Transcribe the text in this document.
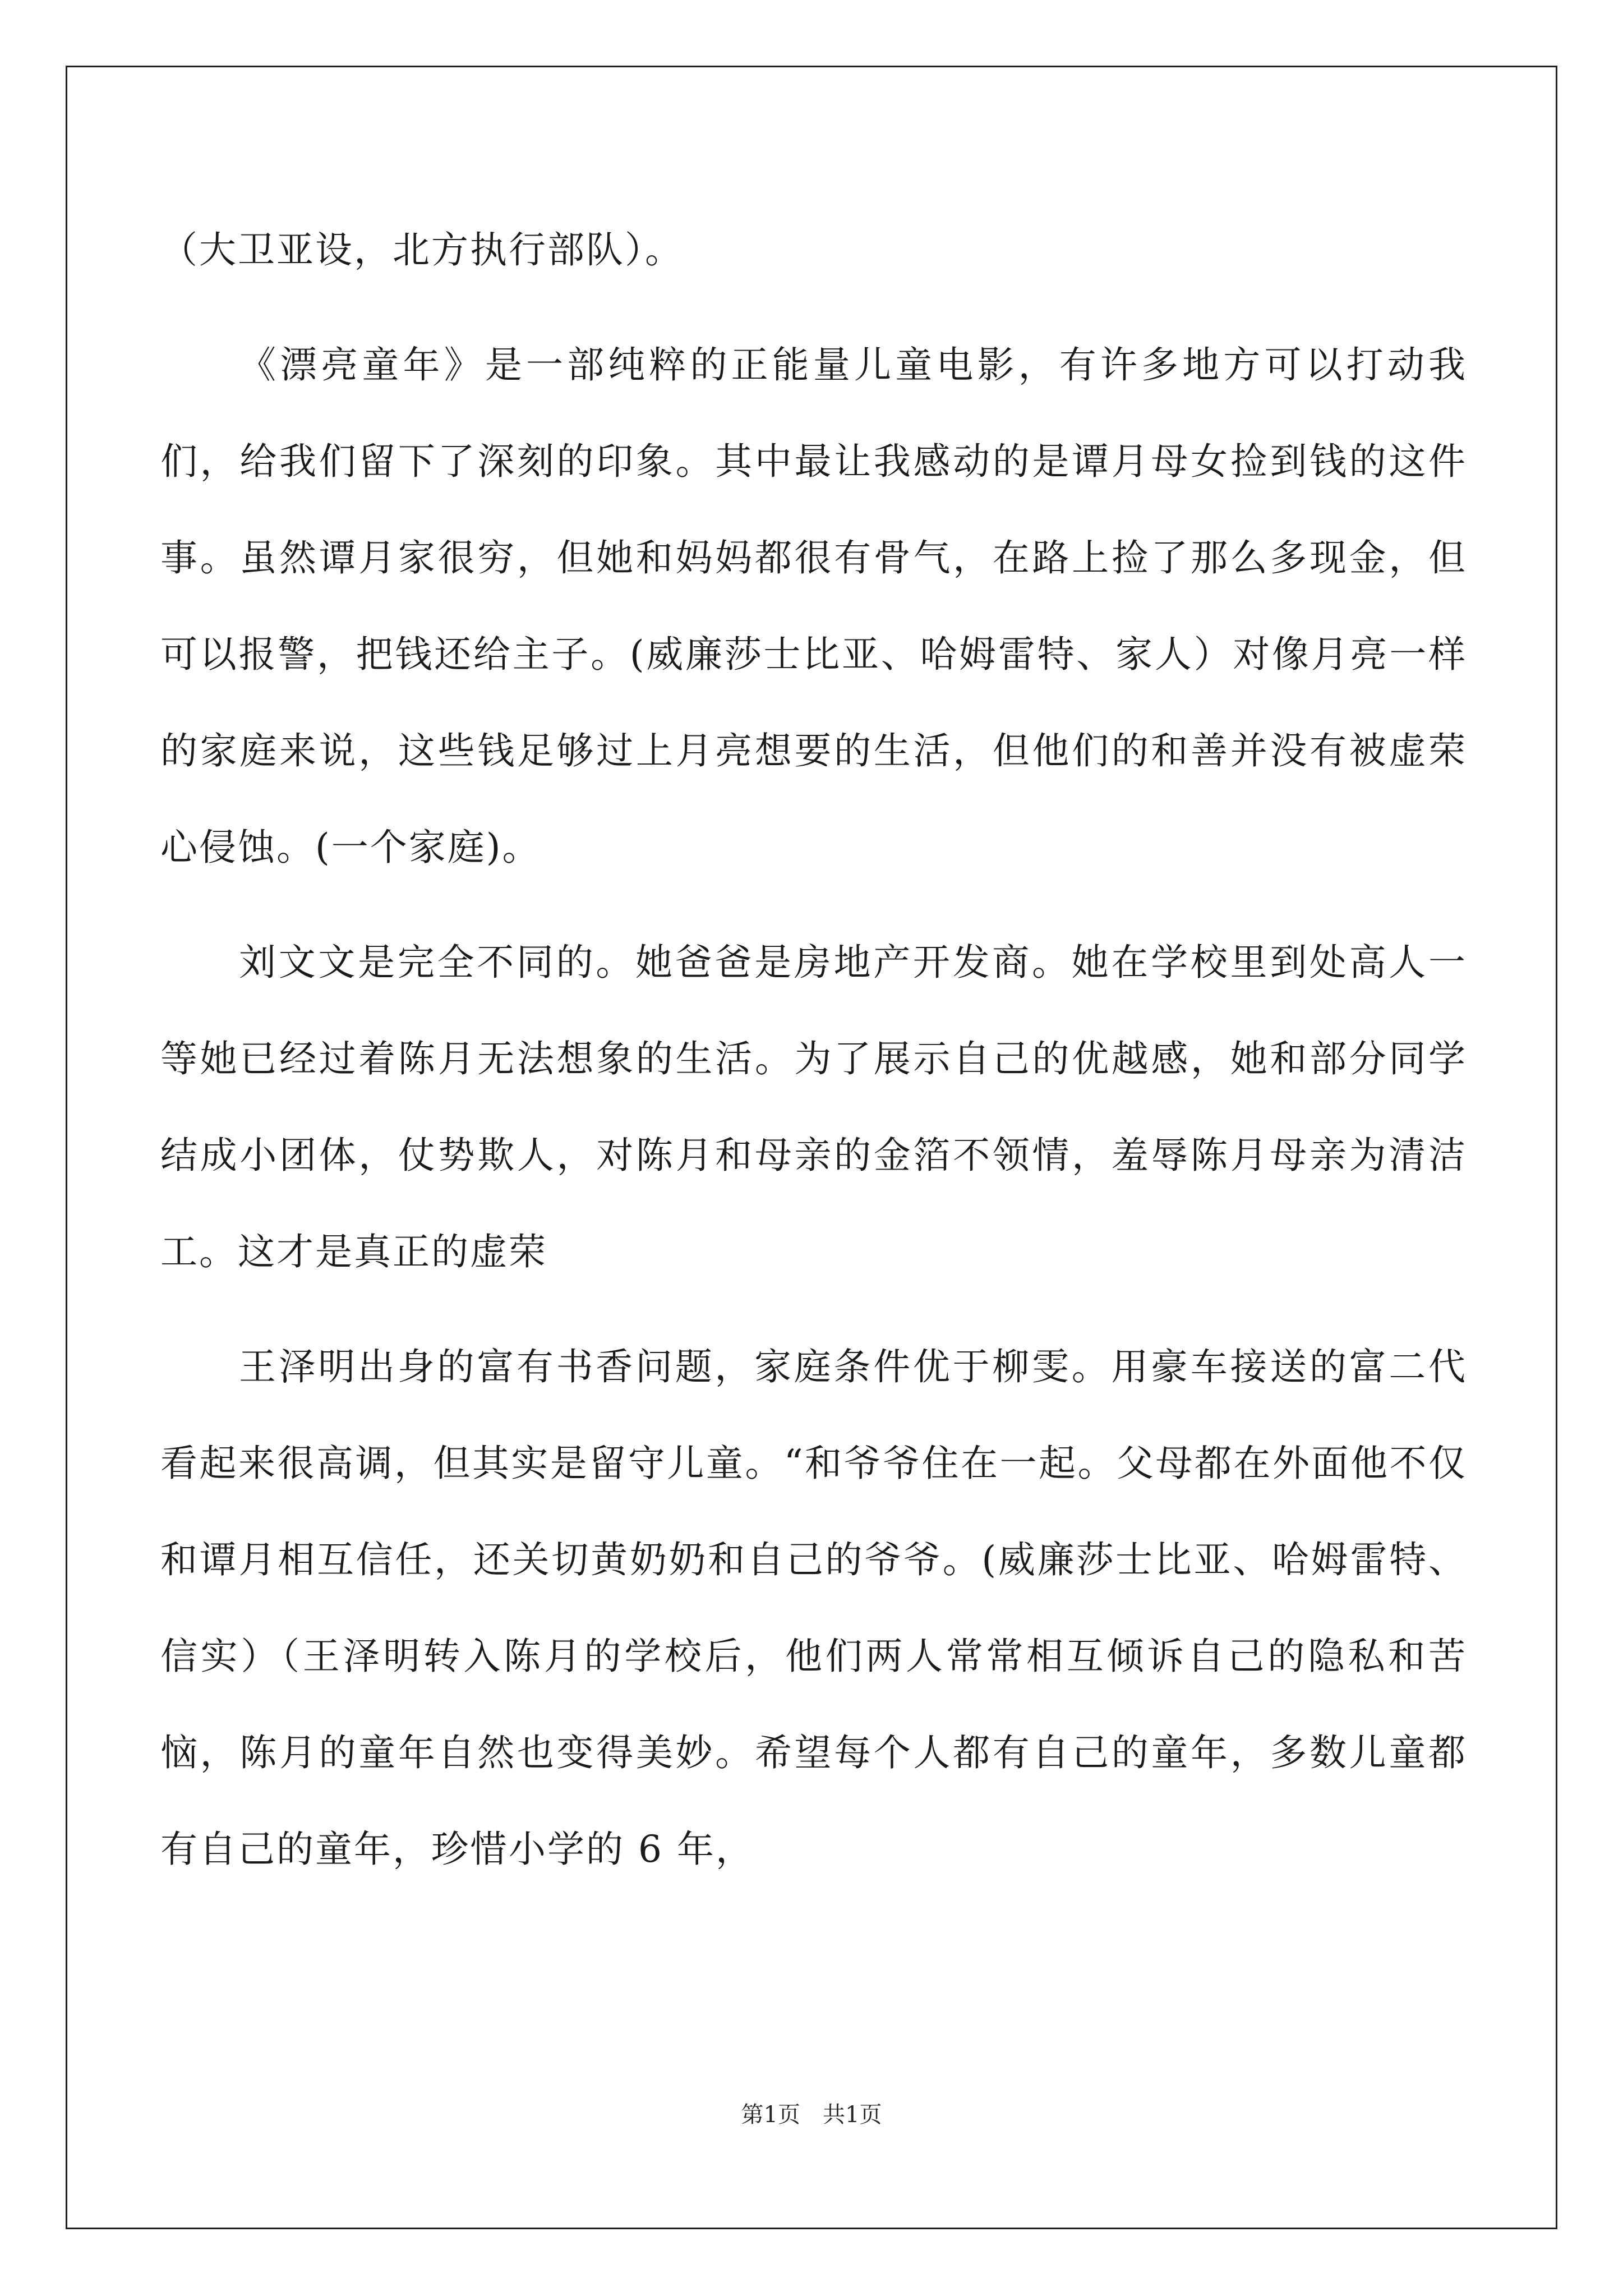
（大卫亚设，北方执行部队）。

《漂亮童年》是一部纯粹的正能量儿童电影，有许多地方可以打动我们，给我们留下了深刻的印象。其中最让我感动的是谭月母女捡到钱的这件事。虽然谭月家很穷，但她和妈妈都很有骨气，在路上捡了那么多现金，但可以报警，把钱还给主子。(威廉莎士比亚、哈姆雷特、家人）对像月亮一样的家庭来说，这些钱足够过上月亮想要的生活，但他们的和善并没有被虚荣心侵蚀。(一个家庭)。

刘文文是完全不同的。她爸爸是房地产开发商。她在学校里到处高人一等她已经过着陈月无法想象的生活。为了展示自己的优越感，她和部分同学结成小团体，仗势欺人，对陈月和母亲的金箔不领情，羞辱陈月母亲为清洁工。这才是真正的虚荣

王泽明出身的富有书香问题，家庭条件优于柳雯。用豪车接送的富二代看起来很高调，但其实是留守儿童。“和爷爷住在一起。父母都在外面他不仅和谭月相互信任，还关切黄奶奶和自己的爷爷。(威廉莎士比亚、哈姆雷特、信实）（王泽明转入陈月的学校后，他们两人常常相互倾诉自己的隐私和苦恼，陈月的童年自然也变得美妙。希望每个人都有自己的童年，多数儿童都有自己的童年，珍惜小学的 6 年，

第1页　共1页
